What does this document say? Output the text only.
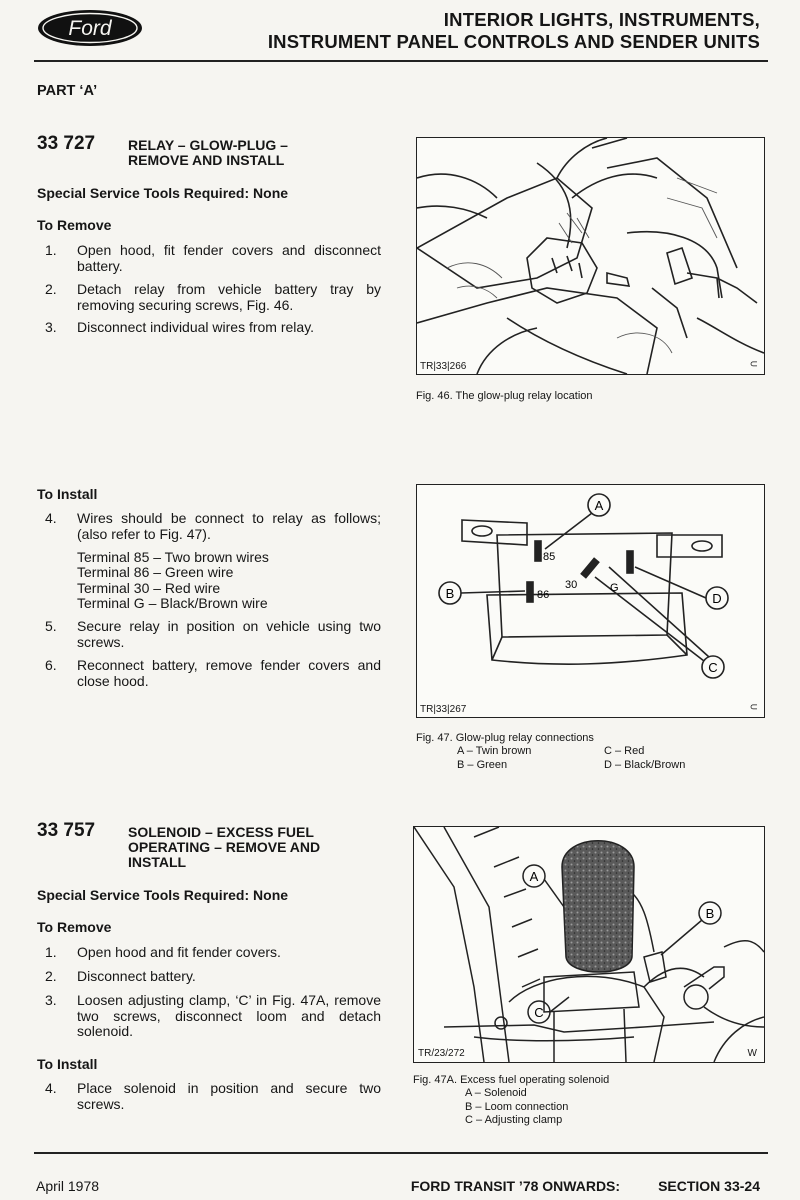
Ford	INTERIOR LIGHTS, INSTRUMENTS,
INSTRUMENT PANEL CONTROLS AND SENDER UNITS
PART ‘A’
33 727 RELAY – GLOW-PLUG –
REMOVE AND INSTALL
Special Service Tools Required: None
To Remove
1. Open hood, fit fender covers and disconnect battery.
2. Detach relay from vehicle battery tray by removing securing screws, Fig. 46.
3. Disconnect individual wires from relay.
To Install
4. Wires should be connect to relay as follows; (also refer to Fig. 47).
Terminal 85 – Two brown wires
Terminal 86 – Green wire
Terminal 30 – Red wire
Terminal G – Black/Brown wire
5. Secure relay in position on vehicle using two screws.
6. Reconnect battery, remove fender covers and close hood.
TR|33|266	⊂
Fig. 46. The glow-plug relay location
A
B	D
C
85
86
30	G
TR|33|267	⊂
Fig. 47. Glow-plug relay connections
A – Twin brown
B – Green
C – Red
D – Black/Brown
33 757 SOLENOID – EXCESS FUEL
OPERATING – REMOVE AND
INSTALL
Special Service Tools Required: None
To Remove
1. Open hood and fit fender covers.
2. Disconnect battery.
3. Loosen adjusting clamp, ‘C’ in Fig. 47A, remove two screws, disconnect loom and detach solenoid.
To Install
4. Place solenoid in position and secure two screws.
A
B
C
TR/23/272	W
Fig. 47A. Excess fuel operating solenoid
A – Solenoid
B – Loom connection
C – Adjusting clamp
April 1978	FORD TRANSIT ’78 ONWARDS:	SECTION 33-24
